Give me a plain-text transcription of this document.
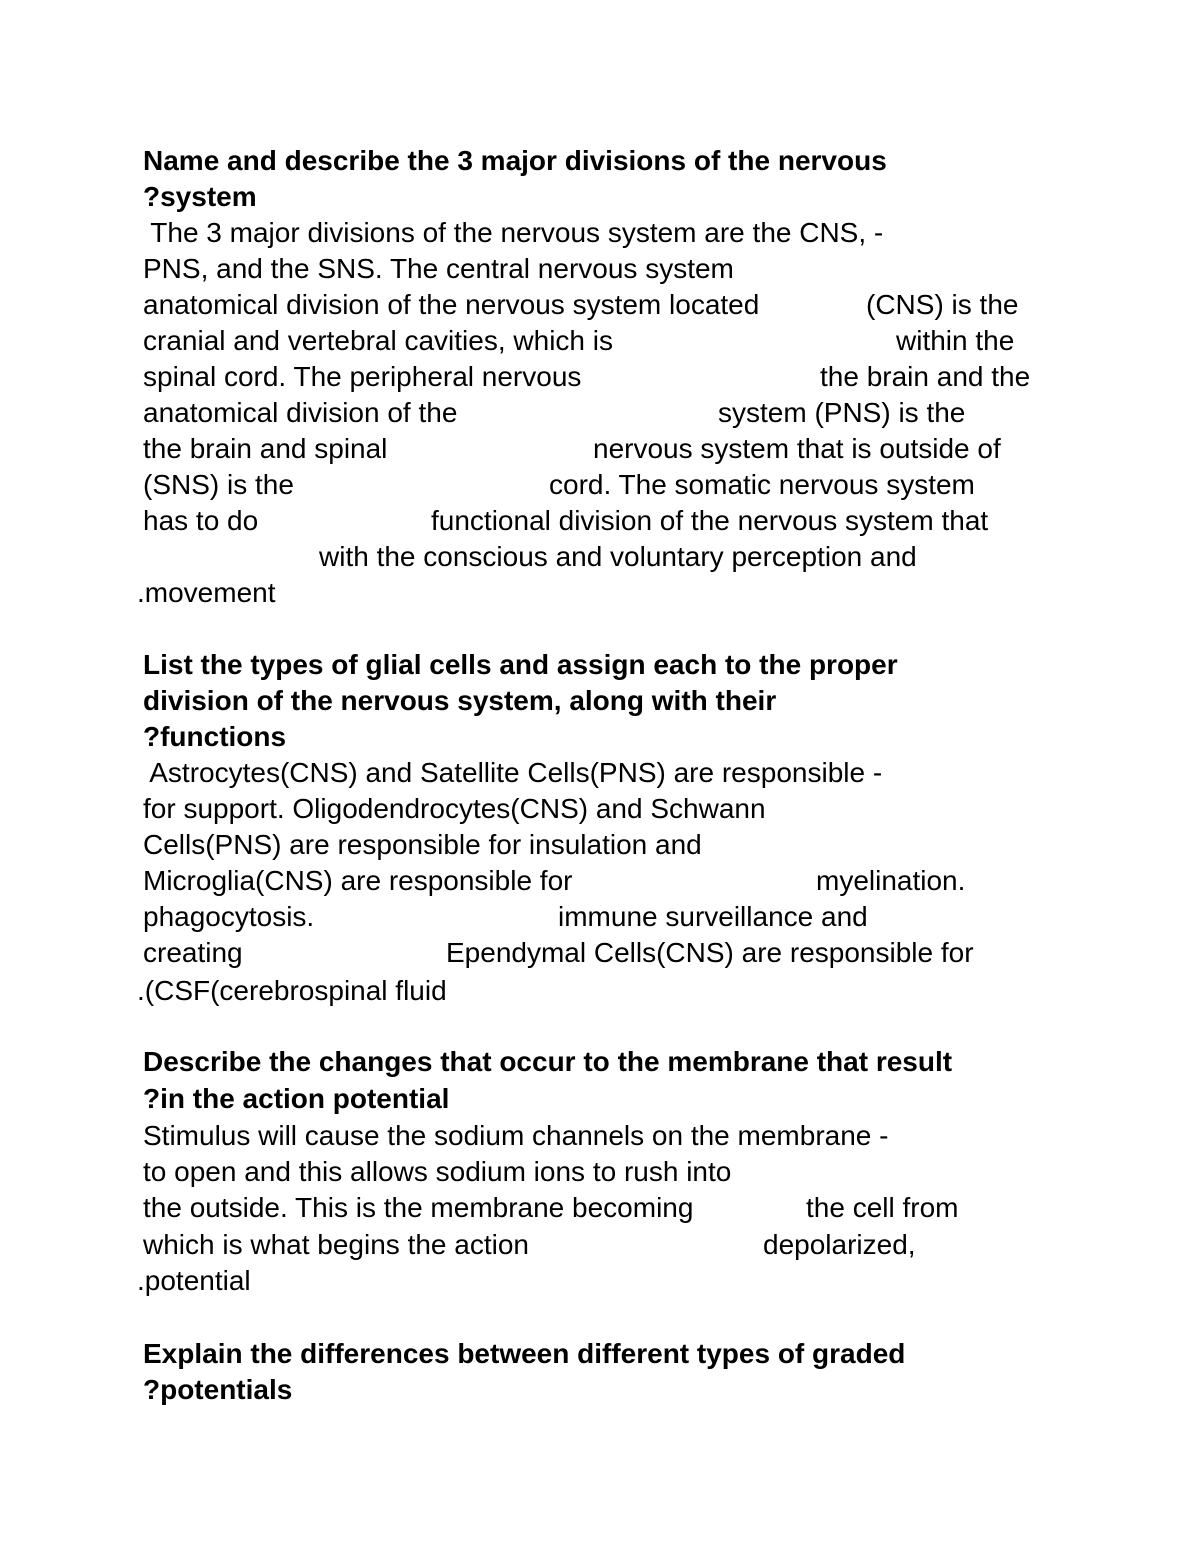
Name and describe the 3 major divisions of the nervous
?system
The 3 major divisions of the nervous system are the CNS, -
PNS, and the SNS. The central nervous system
anatomical division of the nervous system located	(CNS) is the
cranial and vertebral cavities, which is	within the
spinal cord. The peripheral nervous	the brain and the
anatomical division of the	system (PNS) is the
the brain and spinal	nervous system that is outside of
(SNS) is the	cord. The somatic nervous system
has to do	functional division of the nervous system that
with the conscious and voluntary perception and
.movement
List the types of glial cells and assign each to the proper
division of the nervous system, along with their
?functions
Astrocytes(CNS) and Satellite Cells(PNS) are responsible -
for support. Oligodendrocytes(CNS) and Schwann
Cells(PNS) are responsible for insulation and
Microglia(CNS) are responsible for	myelination.
phagocytosis.	immune surveillance and
creating	Ependymal Cells(CNS) are responsible for
.(CSF(cerebrospinal fluid
Describe the changes that occur to the membrane that result
?in the action potential
Stimulus will cause the sodium channels on the membrane -
to open and this allows sodium ions to rush into
the outside. This is the membrane becoming	the cell from
which is what begins the action	depolarized,
.potential
Explain the differences between different types of graded
?potentials
